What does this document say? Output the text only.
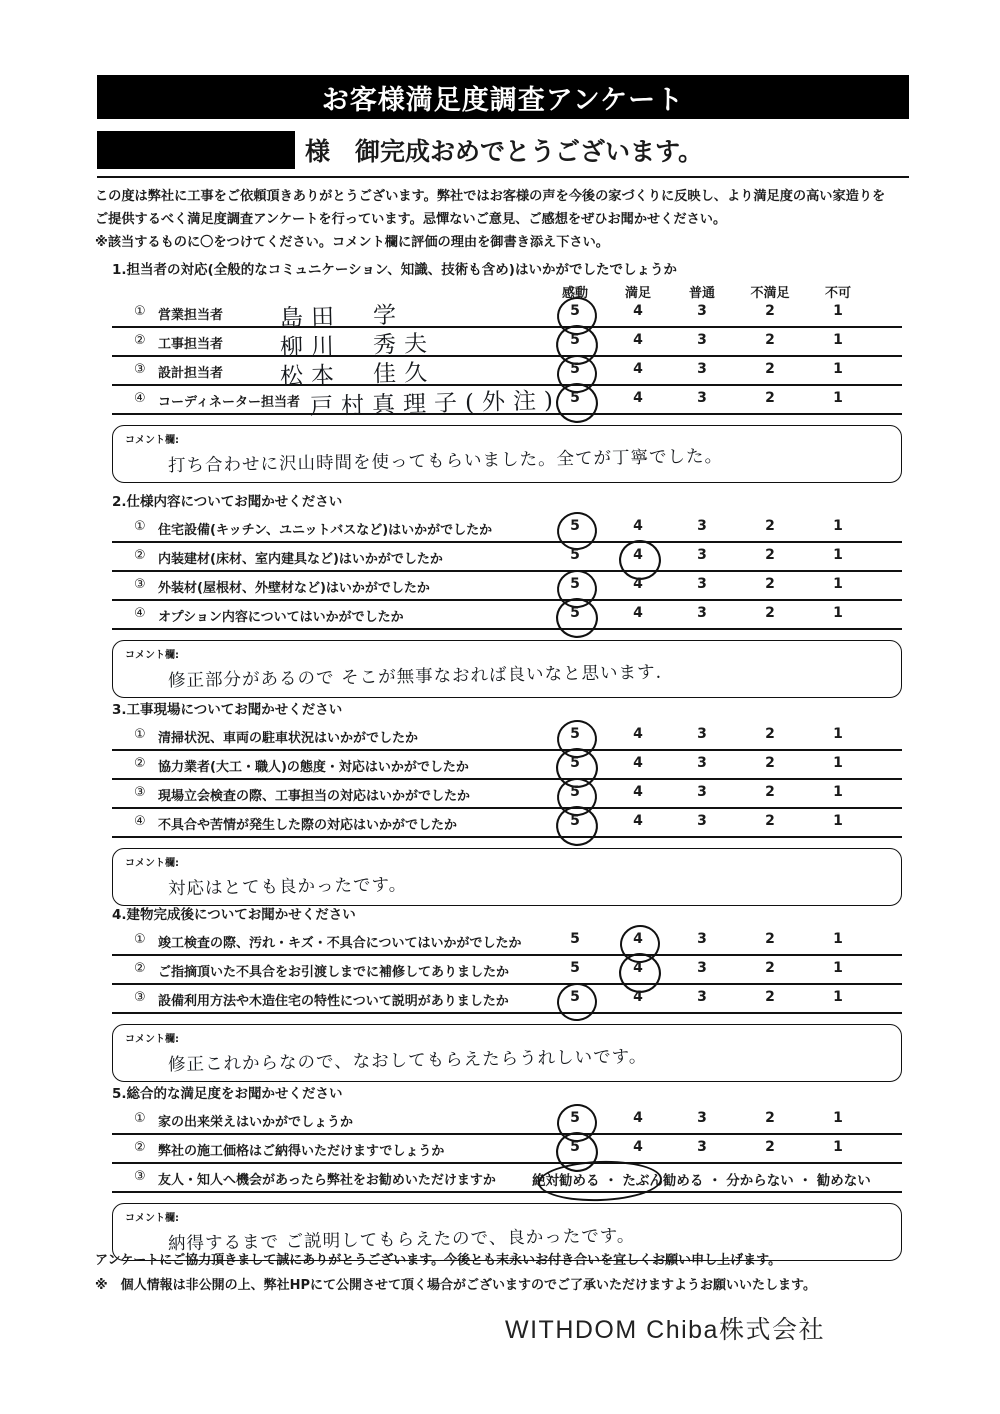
お客様満足度調査アンケート
様　御完成おめでとうございます。

この度は弊社に工事をご依頼頂きありがとうございます。弊社ではお客様の声を今後の家づくりに反映し、より満足度の高い家造りを

ご提供するべく満足度調査アンケートを行っています。忌憚ないご意見、ご感想をぜひお聞かせください。

※該当するものに〇をつけてください。コメント欄に評価の理由を御書き添え下さい。

1.担当者の対応(全般的なコミュニケーション、知識、技術も含め)はいかがでしたでしょうか
感動	満足	普通	不満足	不可
① 営業担当者 島田　学	5	4	3	2	1
② 工事担当者 柳川　秀夫	5	4	3	2	1
③ 設計担当者 松本　佳久	5	4	3	2	1
④ コーディネーター担当者 戸村真理子(外注) 5	4	3	2	1
コメント欄:
打ち合わせに沢山時間を使ってもらいました。全てが丁寧でした。
2.仕様内容についてお聞かせください
① 住宅設備(キッチン、ユニットバスなど)はいかがでしたか	5	4	3	2	1
② 内装建材(床材、室内建具など)はいかがでしたか	5	4	3	2	1
③ 外装材(屋根材、外壁材など)はいかがでしたか	5	4	3	2	1
④ オプション内容についてはいかがでしたか	5	4	3	2	1
コメント欄:
修正部分があるので そこが無事なおれば良いなと思います.
3.工事現場についてお聞かせください
① 清掃状況、車両の駐車状況はいかがでしたか	5	4	3	2	1
② 協力業者(大工・職人)の態度・対応はいかがでしたか	5	4	3	2	1
③ 現場立会検査の際、工事担当の対応はいかがでしたか	5	4	3	2	1
④ 不具合や苦情が発生した際の対応はいかがでしたか	5	4	3	2	1
コメント欄:
対応はとても良かったです。
4.建物完成後についてお聞かせください
① 竣工検査の際、汚れ・キズ・不具合についてはいかがでしたか	5	4	3	2	1
② ご指摘頂いた不具合をお引渡しまでに補修してありましたか	5	4	3	2	1
③ 設備利用方法や木造住宅の特性について説明がありましたか	5	4	3	2	1
コメント欄:
修正これからなので、なおしてもらえたらうれしいです。
5.総合的な満足度をお聞かせください
① 家の出来栄えはいかがでしょうか	5	4	3	2	1
② 弊社の施工価格はご納得いただけますでしょうか	5	4	3	2	1
③ 友人・知人へ機会があったら弊社をお勧めいただけますか	絶対勧める ・ たぶん勧める ・ 分からない ・ 勧めない
コメント欄:
納得するまで ご説明してもらえたので、良かったです。

アンケートにご協力頂きまして誠にありがとうございます。今後とも末永いお付き合いを宜しくお願い申し上げます。

※　個人情報は非公開の上、弊社HPにて公開させて頂く場合がございますのでご了承いただけますようお願いいたします。

WITHDOM Chiba株式会社
